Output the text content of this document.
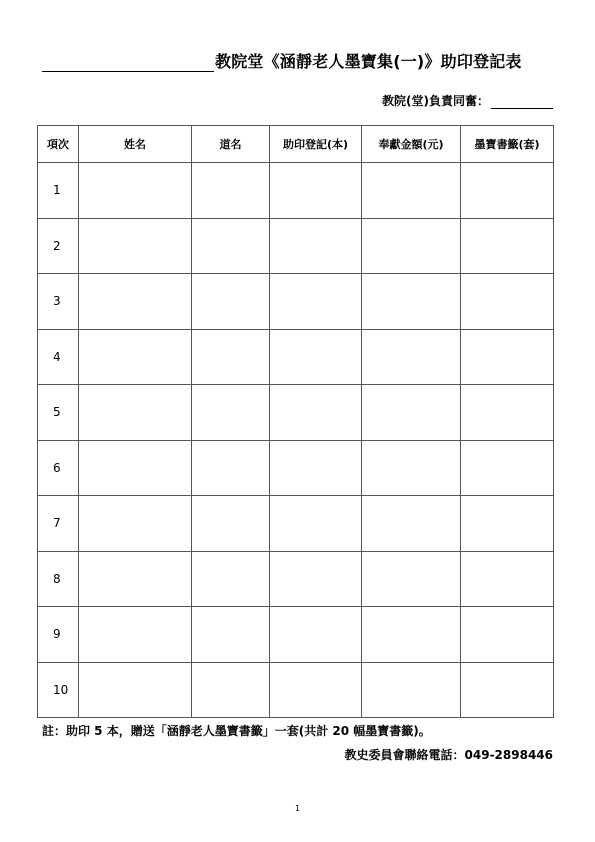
教院堂《涵靜老人墨寶集(一)》助印登記表
教院(堂)負責同奮：
項次	姓名	道名	助印登記(本)	奉獻金額(元)	墨寶書籤(套)
1					
2					
3					
4					
5					
6					
7					
8					
9					
10					
註：助印 5 本，贈送「涵靜老人墨寶書籤」一套(共計 20 幅墨寶書籤)。
教史委員會聯絡電話：049-2898446
1
